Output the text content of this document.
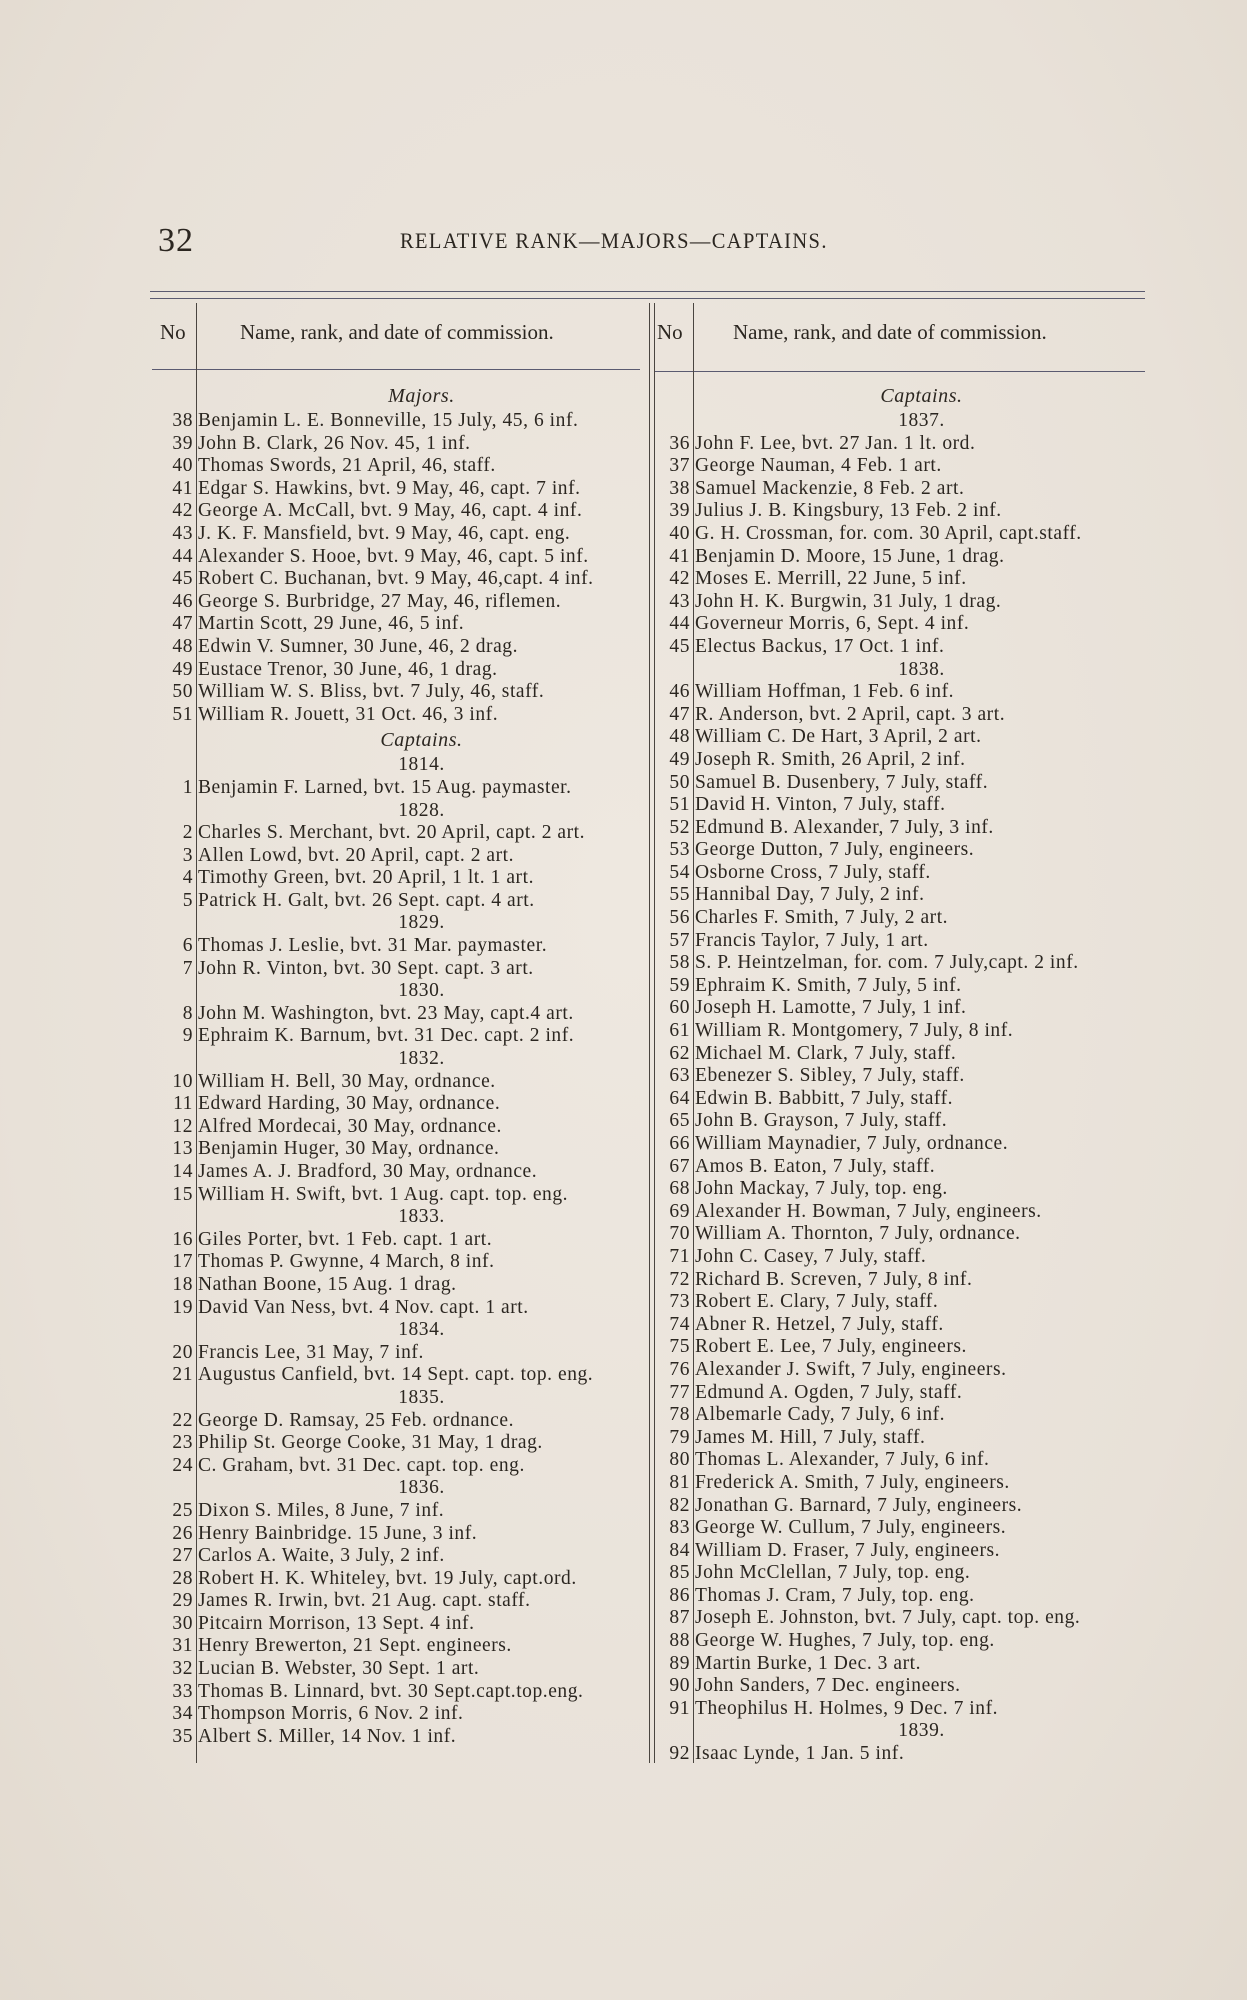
32	RELATIVE RANK—MAJORS—CAPTAINS.
No	Name, rank, and date of commission.	No Name, rank, and date of commission.
Majors.
38 Benjamin L. E. Bonneville, 15 July, 45, 6 inf.
39 John B. Clark, 26 Nov. 45, 1 inf.
40 Thomas Swords, 21 April, 46, staff.
41 Edgar S. Hawkins, bvt. 9 May, 46, capt. 7 inf.
42 George A. McCall, bvt. 9 May, 46, capt. 4 inf.
43 J. K. F. Mansfield, bvt. 9 May, 46, capt. eng.
44 Alexander S. Hooe, bvt. 9 May, 46, capt. 5 inf.
45 Robert C. Buchanan, bvt. 9 May, 46,capt. 4 inf.
46 George S. Burbridge, 27 May, 46, riflemen.
47 Martin Scott, 29 June, 46, 5 inf.
48 Edwin V. Sumner, 30 June, 46, 2 drag.
49 Eustace Trenor, 30 June, 46, 1 drag.
50 William W. S. Bliss, bvt. 7 July, 46, staff.
51 William R. Jouett, 31 Oct. 46, 3 inf.
Captains.
1814.
1 Benjamin F. Larned, bvt. 15 Aug. paymaster.
1828.
2 Charles S. Merchant, bvt. 20 April, capt. 2 art.
3 Allen Lowd, bvt. 20 April, capt. 2 art.
4 Timothy Green, bvt. 20 April, 1 lt. 1 art.
5 Patrick H. Galt, bvt. 26 Sept. capt. 4 art.
1829.
6 Thomas J. Leslie, bvt. 31 Mar. paymaster.
7 John R. Vinton, bvt. 30 Sept. capt. 3 art.
1830.
8 John M. Washington, bvt. 23 May, capt.4 art.
9 Ephraim K. Barnum, bvt. 31 Dec. capt. 2 inf.
1832.
10 William H. Bell, 30 May, ordnance.
11 Edward Harding, 30 May, ordnance.
12 Alfred Mordecai, 30 May, ordnance.
13 Benjamin Huger, 30 May, ordnance.
14 James A. J. Bradford, 30 May, ordnance.
15 William H. Swift, bvt. 1 Aug. capt. top. eng.
1833.
16 Giles Porter, bvt. 1 Feb. capt. 1 art.
17 Thomas P. Gwynne, 4 March, 8 inf.
18 Nathan Boone, 15 Aug. 1 drag.
19 David Van Ness, bvt. 4 Nov. capt. 1 art.
1834.
20 Francis Lee, 31 May, 7 inf.
21 Augustus Canfield, bvt. 14 Sept. capt. top. eng.
1835.
22 George D. Ramsay, 25 Feb. ordnance.
23 Philip St. George Cooke, 31 May, 1 drag.
24 C. Graham, bvt. 31 Dec. capt. top. eng.
1836.
25 Dixon S. Miles, 8 June, 7 inf.
26 Henry Bainbridge. 15 June, 3 inf.
27 Carlos A. Waite, 3 July, 2 inf.
28 Robert H. K. Whiteley, bvt. 19 July, capt.ord.
29 James R. Irwin, bvt. 21 Aug. capt. staff.
30 Pitcairn Morrison, 13 Sept. 4 inf.
31 Henry Brewerton, 21 Sept. engineers.
32 Lucian B. Webster, 30 Sept. 1 art.
33 Thomas B. Linnard, bvt. 30 Sept.capt.top.eng.
34 Thompson Morris, 6 Nov. 2 inf.
35 Albert S. Miller, 14 Nov. 1 inf.
Captains.
1837.
36 John F. Lee, bvt. 27 Jan. 1 lt. ord.
37 George Nauman, 4 Feb. 1 art.
38 Samuel Mackenzie, 8 Feb. 2 art.
39 Julius J. B. Kingsbury, 13 Feb. 2 inf.
40 G. H. Crossman, for. com. 30 April, capt.staff.
41 Benjamin D. Moore, 15 June, 1 drag.
42 Moses E. Merrill, 22 June, 5 inf.
43 John H. K. Burgwin, 31 July, 1 drag.
44 Governeur Morris, 6, Sept. 4 inf.
45 Electus Backus, 17 Oct. 1 inf.
1838.
46 William Hoffman, 1 Feb. 6 inf.
47 R. Anderson, bvt. 2 April, capt. 3 art.
48 William C. De Hart, 3 April, 2 art.
49 Joseph R. Smith, 26 April, 2 inf.
50 Samuel B. Dusenbery, 7 July, staff.
51 David H. Vinton, 7 July, staff.
52 Edmund B. Alexander, 7 July, 3 inf.
53 George Dutton, 7 July, engineers.
54 Osborne Cross, 7 July, staff.
55 Hannibal Day, 7 July, 2 inf.
56 Charles F. Smith, 7 July, 2 art.
57 Francis Taylor, 7 July, 1 art.
58 S. P. Heintzelman, for. com. 7 July,capt. 2 inf.
59 Ephraim K. Smith, 7 July, 5 inf.
60 Joseph H. Lamotte, 7 July, 1 inf.
61 William R. Montgomery, 7 July, 8 inf.
62 Michael M. Clark, 7 July, staff.
63 Ebenezer S. Sibley, 7 July, staff.
64 Edwin B. Babbitt, 7 July, staff.
65 John B. Grayson, 7 July, staff.
66 William Maynadier, 7 July, ordnance.
67 Amos B. Eaton, 7 July, staff.
68 John Mackay, 7 July, top. eng.
69 Alexander H. Bowman, 7 July, engineers.
70 William A. Thornton, 7 July, ordnance.
71 John C. Casey, 7 July, staff.
72 Richard B. Screven, 7 July, 8 inf.
73 Robert E. Clary, 7 July, staff.
74 Abner R. Hetzel, 7 July, staff.
75 Robert E. Lee, 7 July, engineers.
76 Alexander J. Swift, 7 July, engineers.
77 Edmund A. Ogden, 7 July, staff.
78 Albemarle Cady, 7 July, 6 inf.
79 James M. Hill, 7 July, staff.
80 Thomas L. Alexander, 7 July, 6 inf.
81 Frederick A. Smith, 7 July, engineers.
82 Jonathan G. Barnard, 7 July, engineers.
83 George W. Cullum, 7 July, engineers.
84 William D. Fraser, 7 July, engineers.
85 John McClellan, 7 July, top. eng.
86 Thomas J. Cram, 7 July, top. eng.
87 Joseph E. Johnston, bvt. 7 July, capt. top. eng.
88 George W. Hughes, 7 July, top. eng.
89 Martin Burke, 1 Dec. 3 art.
90 John Sanders, 7 Dec. engineers.
91 Theophilus H. Holmes, 9 Dec. 7 inf.
1839.
92 Isaac Lynde, 1 Jan. 5 inf.
